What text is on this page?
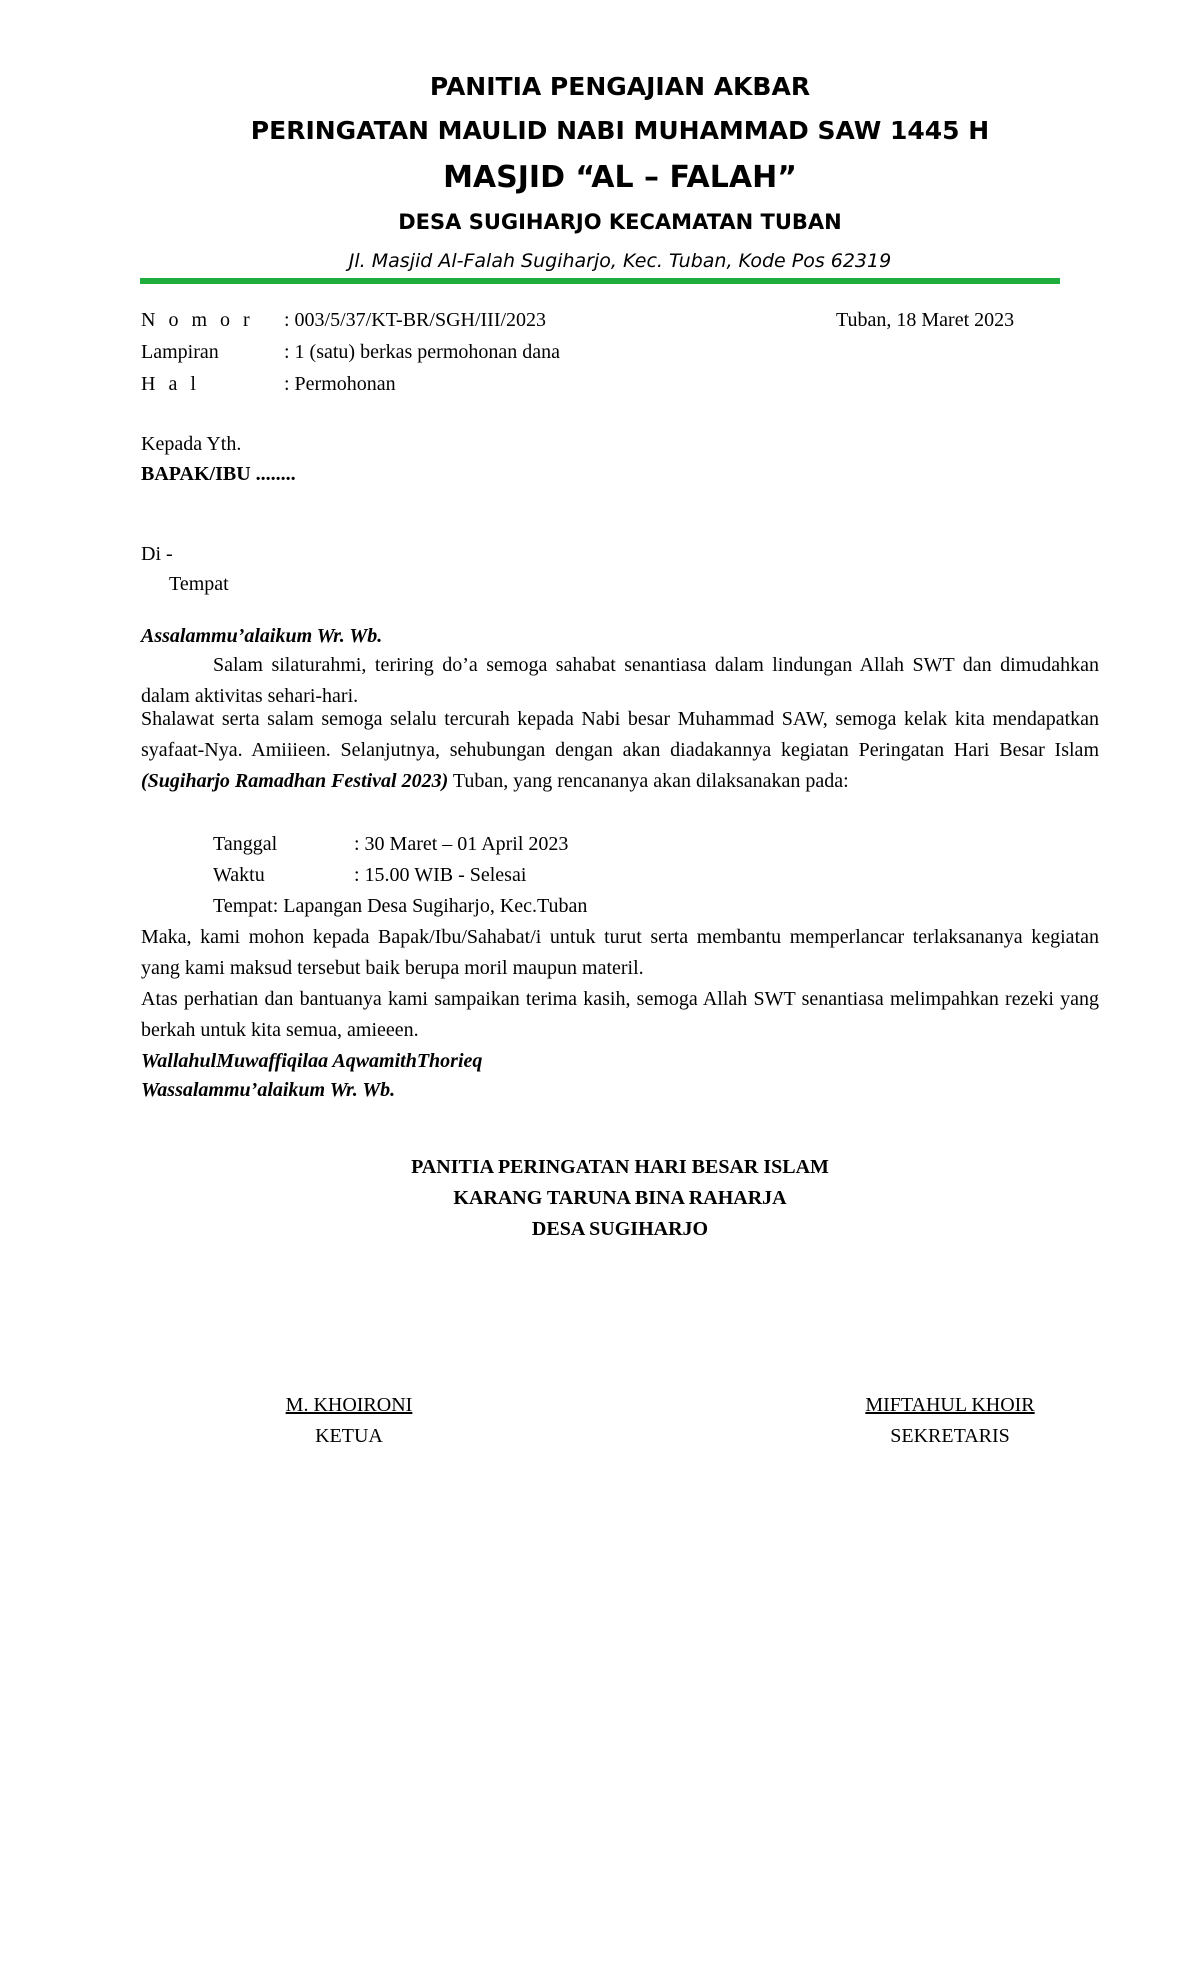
PANITIA PENGAJIAN AKBAR
PERINGATAN MAULID NABI MUHAMMAD SAW 1445 H
MASJID “AL – FALAH”
DESA SUGIHARJO KECAMATAN TUBAN
Jl. Masjid Al-Falah Sugiharjo, Kec. Tuban, Kode Pos 62319
N o m o r : 003/5/37/KT-BR/SGH/III/2023	Tuban, 18 Maret 2023
Lampiran	: 1 (satu) berkas permohonan dana
H a l	: Permohonan
Kepada Yth.
BAPAK/IBU ........
Di -
Tempat
Assalammu’alaikum Wr. Wb.
Salam silaturahmi, teriring do’a semoga sahabat senantiasa dalam lindungan Allah SWT dan dimudahkan dalam aktivitas sehari-hari.
Shalawat serta salam semoga selalu tercurah kepada Nabi besar Muhammad SAW, semoga kelak kita mendapatkan syafaat-Nya. Amiiieen. Selanjutnya, sehubungan dengan akan diadakannya kegiatan Peringatan Hari Besar Islam (Sugiharjo Ramadhan Festival 2023) Tuban, yang rencananya akan dilaksanakan pada:
Tanggal	: 30 Maret – 01 April 2023
Waktu	: 15.00 WIB - Selesai
Tempat: Lapangan Desa Sugiharjo, Kec.Tuban
Maka, kami mohon kepada Bapak/Ibu/Sahabat/i untuk turut serta membantu memperlancar terlaksananya kegiatan yang kami maksud tersebut baik berupa moril maupun materil.
Atas perhatian dan bantuanya kami sampaikan terima kasih, semoga Allah SWT senantiasa melimpahkan rezeki yang berkah untuk kita semua, amieeen.
WallahulMuwaffiqilaa AqwamithThorieq
Wassalammu’alaikum Wr. Wb.
PANITIA PERINGATAN HARI BESAR ISLAM
KARANG TARUNA BINA RAHARJA
DESA SUGIHARJO
M. KHOIRONI
KETUA
MIFTAHUL KHOIR
SEKRETARIS
